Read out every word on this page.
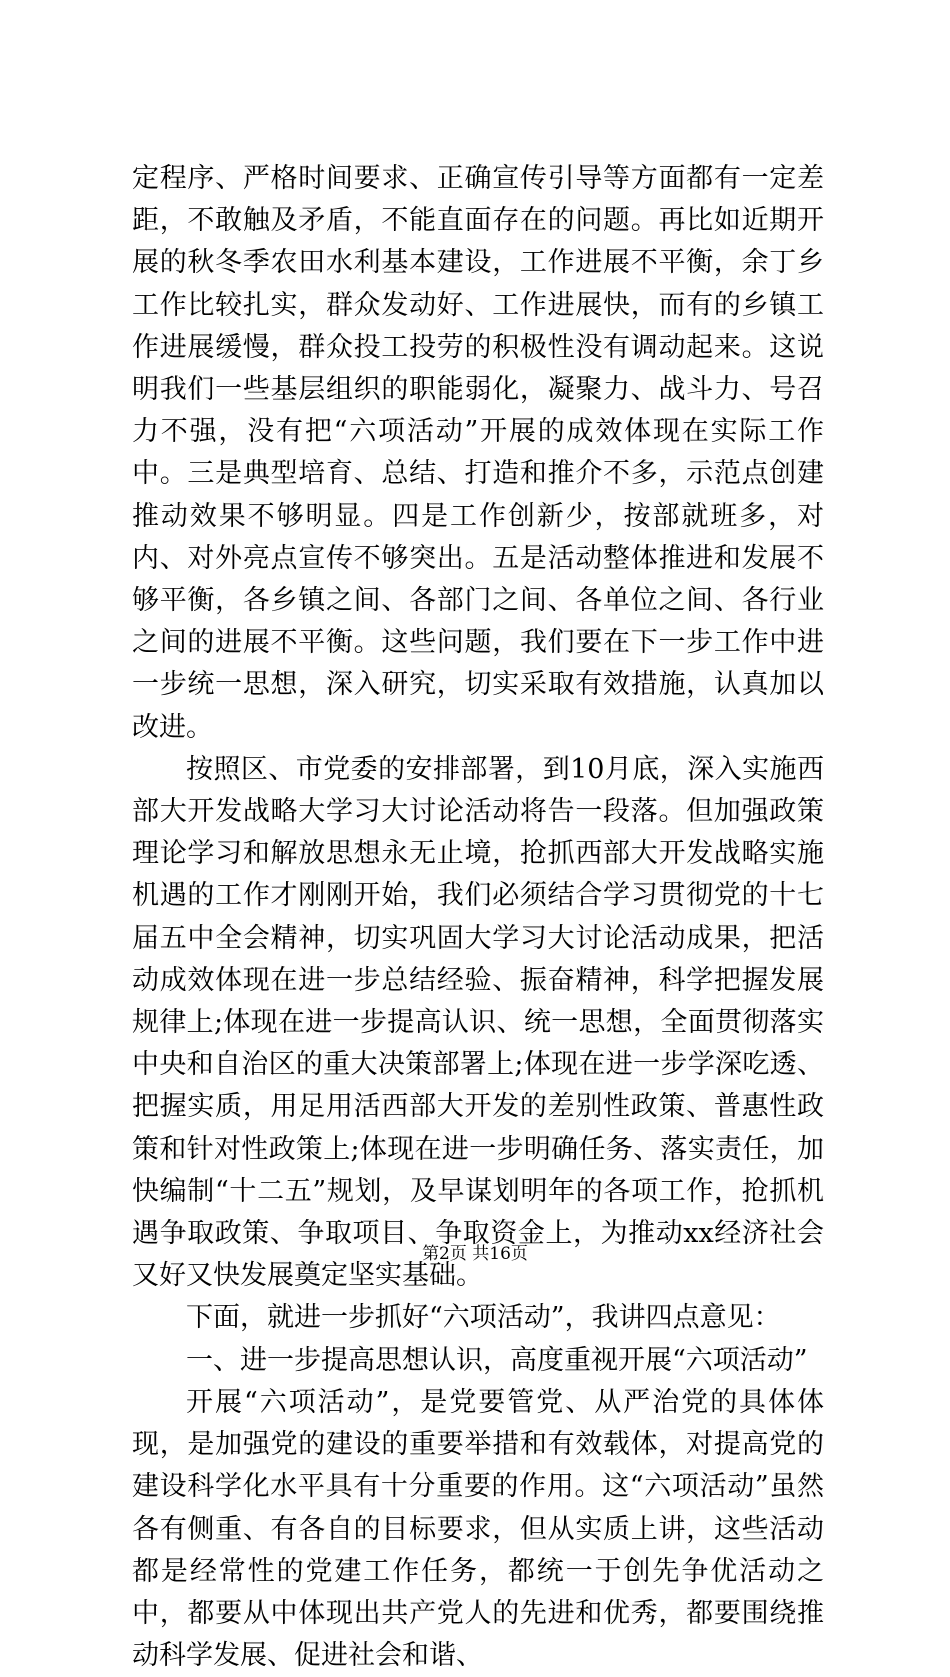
定程序、严格时间要求、正确宣传引导等方面都有一定差距，不敢触及矛盾，不能直面存在的问题。再比如近期开展的秋冬季农田水利基本建设，工作进展不平衡，余丁乡工作比较扎实，群众发动好、工作进展快，而有的乡镇工作进展缓慢，群众投工投劳的积极性没有调动起来。这说明我们一些基层组织的职能弱化，凝聚力、战斗力、号召力不强，没有把“六项活动”开展的成效体现在实际工作中。三是典型培育、总结、打造和推介不多，示范点创建推动效果不够明显。四是工作创新少，按部就班多，对内、对外亮点宣传不够突出。五是活动整体推进和发展不够平衡，各乡镇之间、各部门之间、各单位之间、各行业之间的进展不平衡。这些问题，我们要在下一步工作中进一步统一思想，深入研究，切实采取有效措施，认真加以改进。

按照区、市党委的安排部署，到10月底，深入实施西部大开发战略大学习大讨论活动将告一段落。但加强政策理论学习和解放思想永无止境，抢抓西部大开发战略实施机遇的工作才刚刚开始，我们必须结合学习贯彻党的十七届五中全会精神，切实巩固大学习大讨论活动成果，把活动成效体现在进一步总结经验、振奋精神，科学把握发展规律上;体现在进一步提高认识、统一思想，全面贯彻落实中央和自治区的重大决策部署上;体现在进一步学深吃透、把握实质，用足用活西部大开发的差别性政策、普惠性政策和针对性政策上;体现在进一步明确任务、落实责任，加快编制“十二五”规划，及早谋划明年的各项工作，抢抓机遇争取政策、争取项目、争取资金上，为推动xx经济社会又好又快发展奠定坚实基础。

下面，就进一步抓好“六项活动”，我讲四点意见：

一、进一步提高思想认识，高度重视开展“六项活动”

开展“六项活动”，是党要管党、从严治党的具体体现，是加强党的建设的重要举措和有效载体，对提高党的建设科学化水平具有十分重要的作用。这“六项活动”虽然各有侧重、有各自的目标要求，但从实质上讲，这些活动都是经常性的党建工作任务，都统一于创先争优活动之中，都要从中体现出共产党人的先进和优秀，都要围绕推动科学发展、促进社会和谐、

第2页 共16页
